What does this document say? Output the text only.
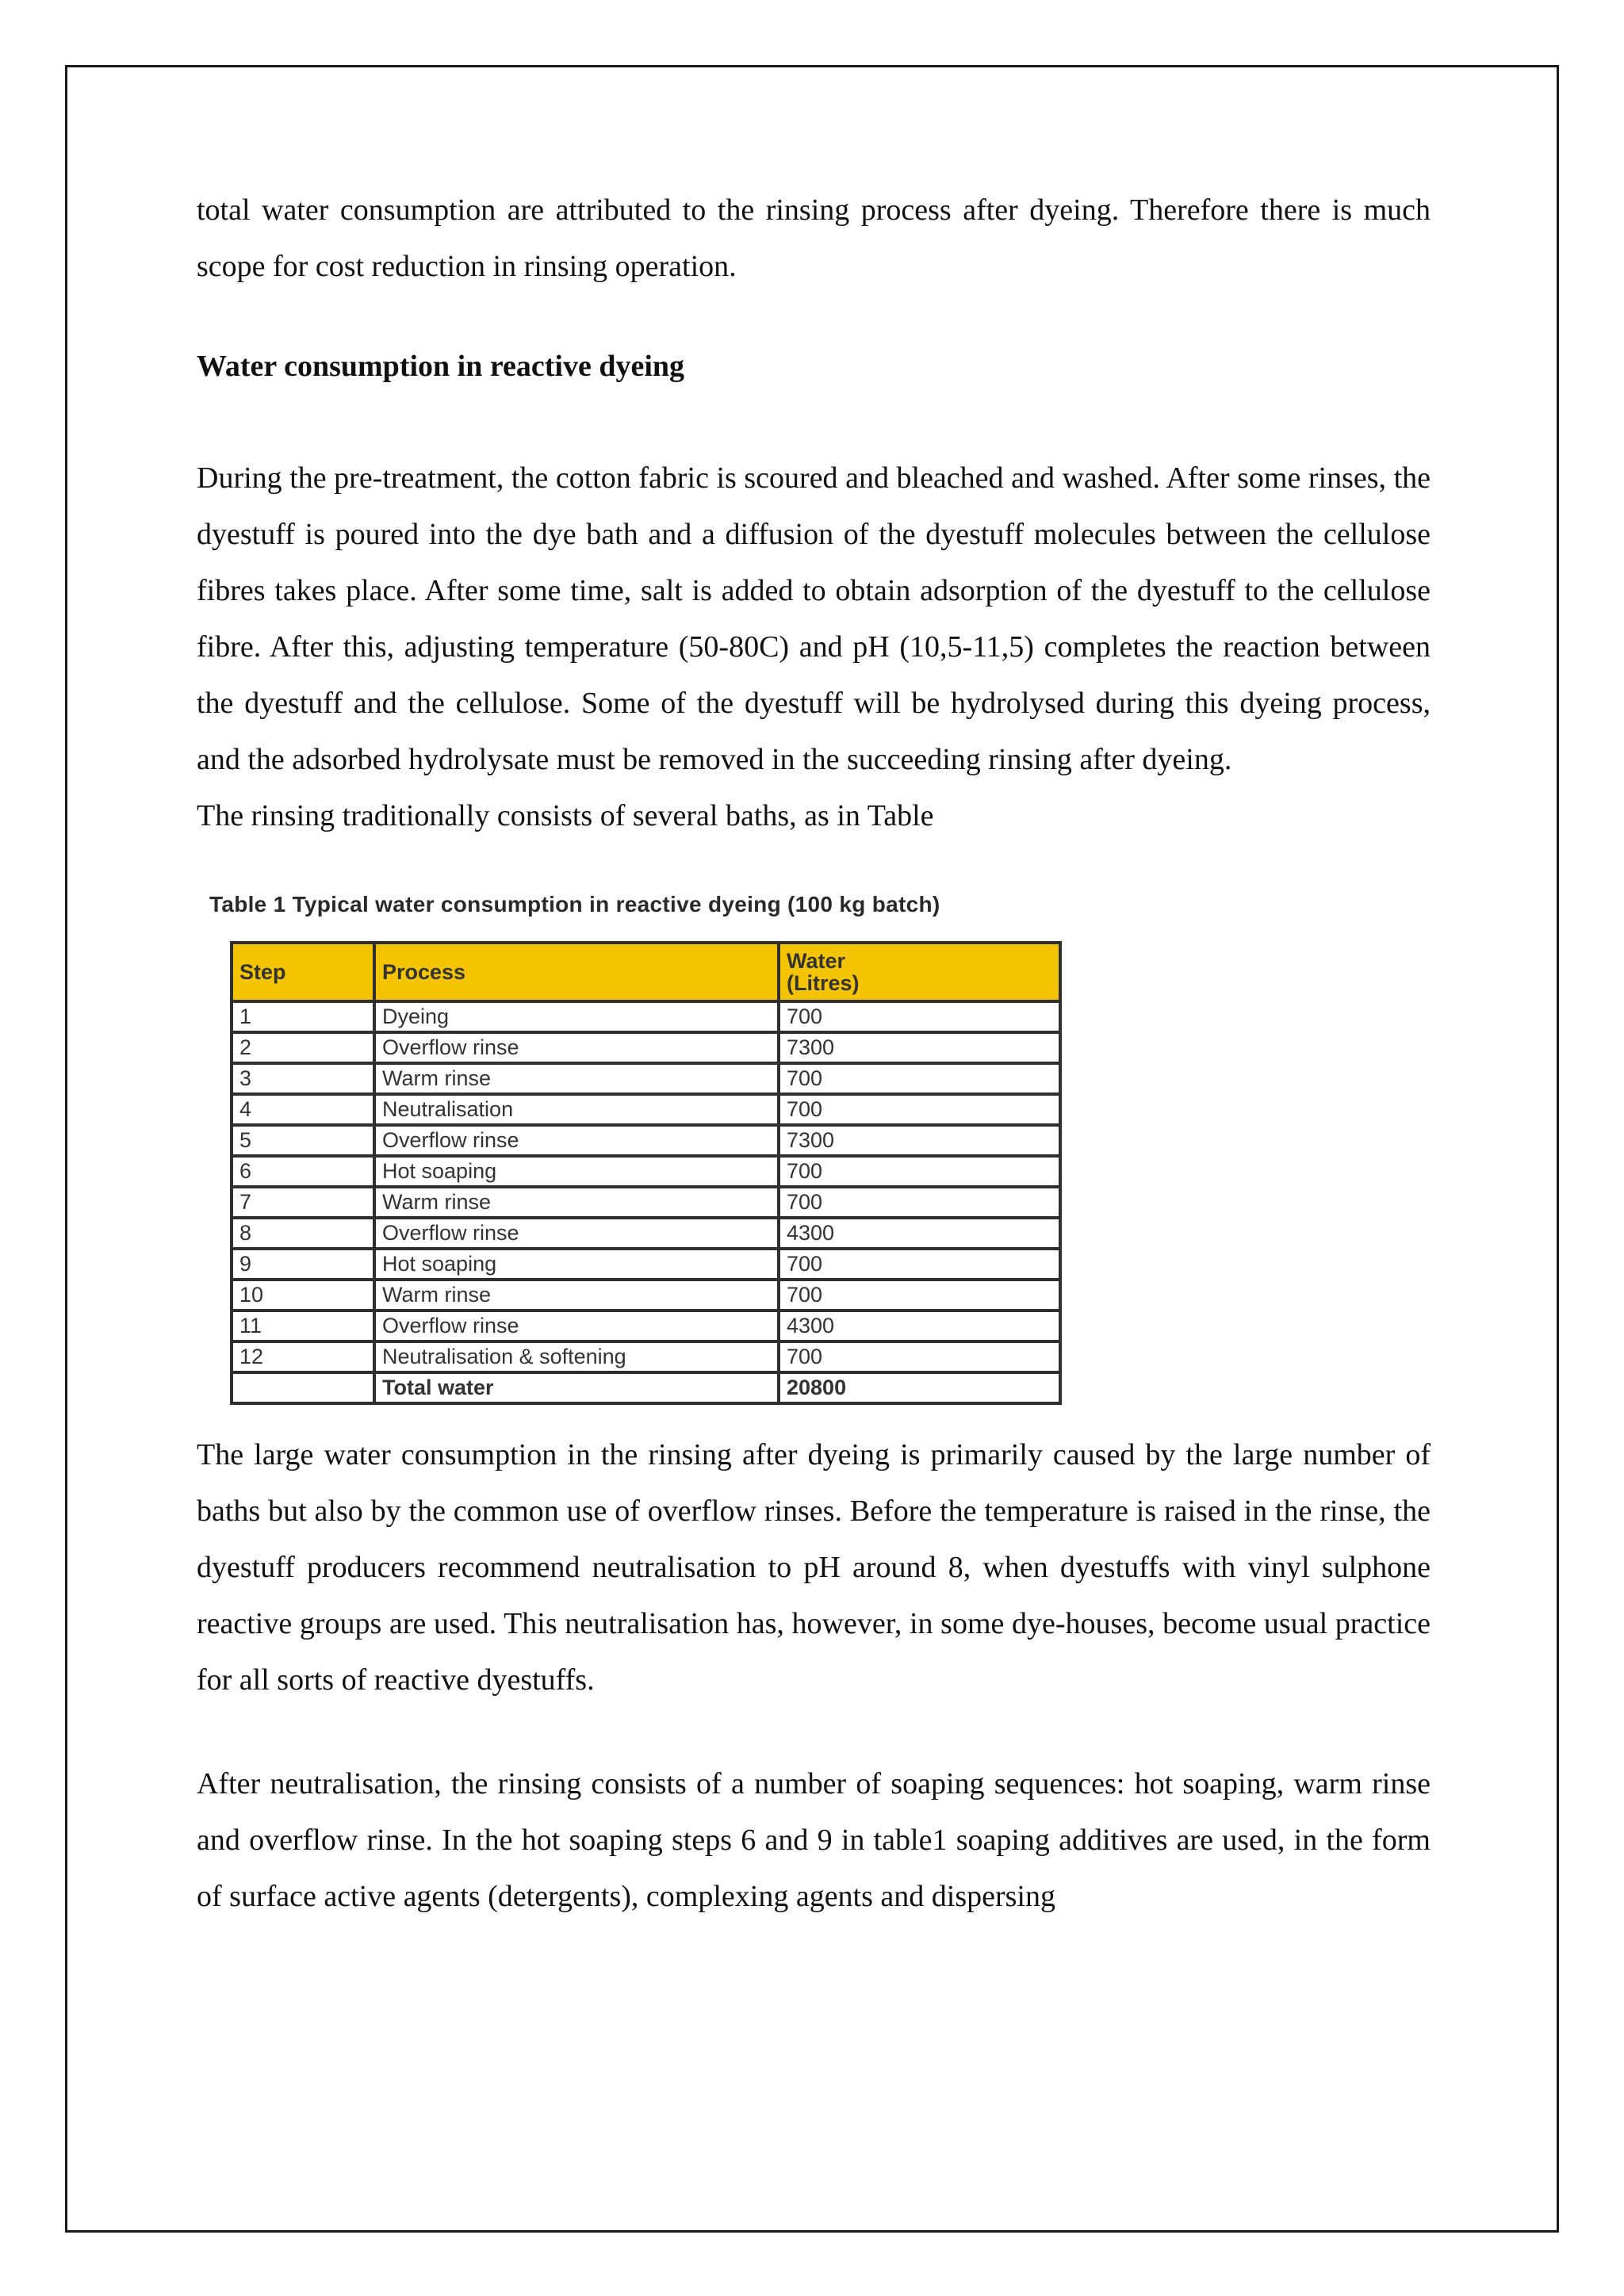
total water consumption are attributed to the rinsing process after dyeing. Therefore there is much scope for cost reduction in rinsing operation.

Water consumption in reactive dyeing

During the pre-treatment, the cotton fabric is scoured and bleached and washed. After some rinses, the dyestuff is poured into the dye bath and a diffusion of the dyestuff molecules between the cellulose fibres takes place. After some time, salt is added to obtain adsorption of the dyestuff to the cellulose fibre. After this, adjusting temperature (50-80C) and pH (10,5-11,5) completes the reaction between the dyestuff and the cellulose. Some of the dyestuff will be hydrolysed during this dyeing process, and the adsorbed hydrolysate must be removed in the succeeding rinsing after dyeing.

The rinsing traditionally consists of several baths, as in Table

Table 1 Typical water consumption in reactive dyeing (100 kg batch)
Step	Process	Water
(Litres)
1	Dyeing	700
2	Overflow rinse	7300
3	Warm rinse	700
4	Neutralisation	700
5	Overflow rinse	7300
6	Hot soaping	700
7	Warm rinse	700
8	Overflow rinse	4300
9	Hot soaping	700
10	Warm rinse	700
11	Overflow rinse	4300
12	Neutralisation & softening	700
	Total water	20800

The large water consumption in the rinsing after dyeing is primarily caused by the large number of baths but also by the common use of overflow rinses. Before the temperature is raised in the rinse, the dyestuff producers recommend neutralisation to pH around 8, when dyestuffs with vinyl sulphone reactive groups are used. This neutralisation has, however, in some dye-houses, become usual practice for all sorts of reactive dyestuffs.

After neutralisation, the rinsing consists of a number of soaping sequences: hot soaping, warm rinse and overflow rinse. In the hot soaping steps 6 and 9 in table1 soaping additives are used, in the form of surface active agents (detergents), complexing agents and dispersing
